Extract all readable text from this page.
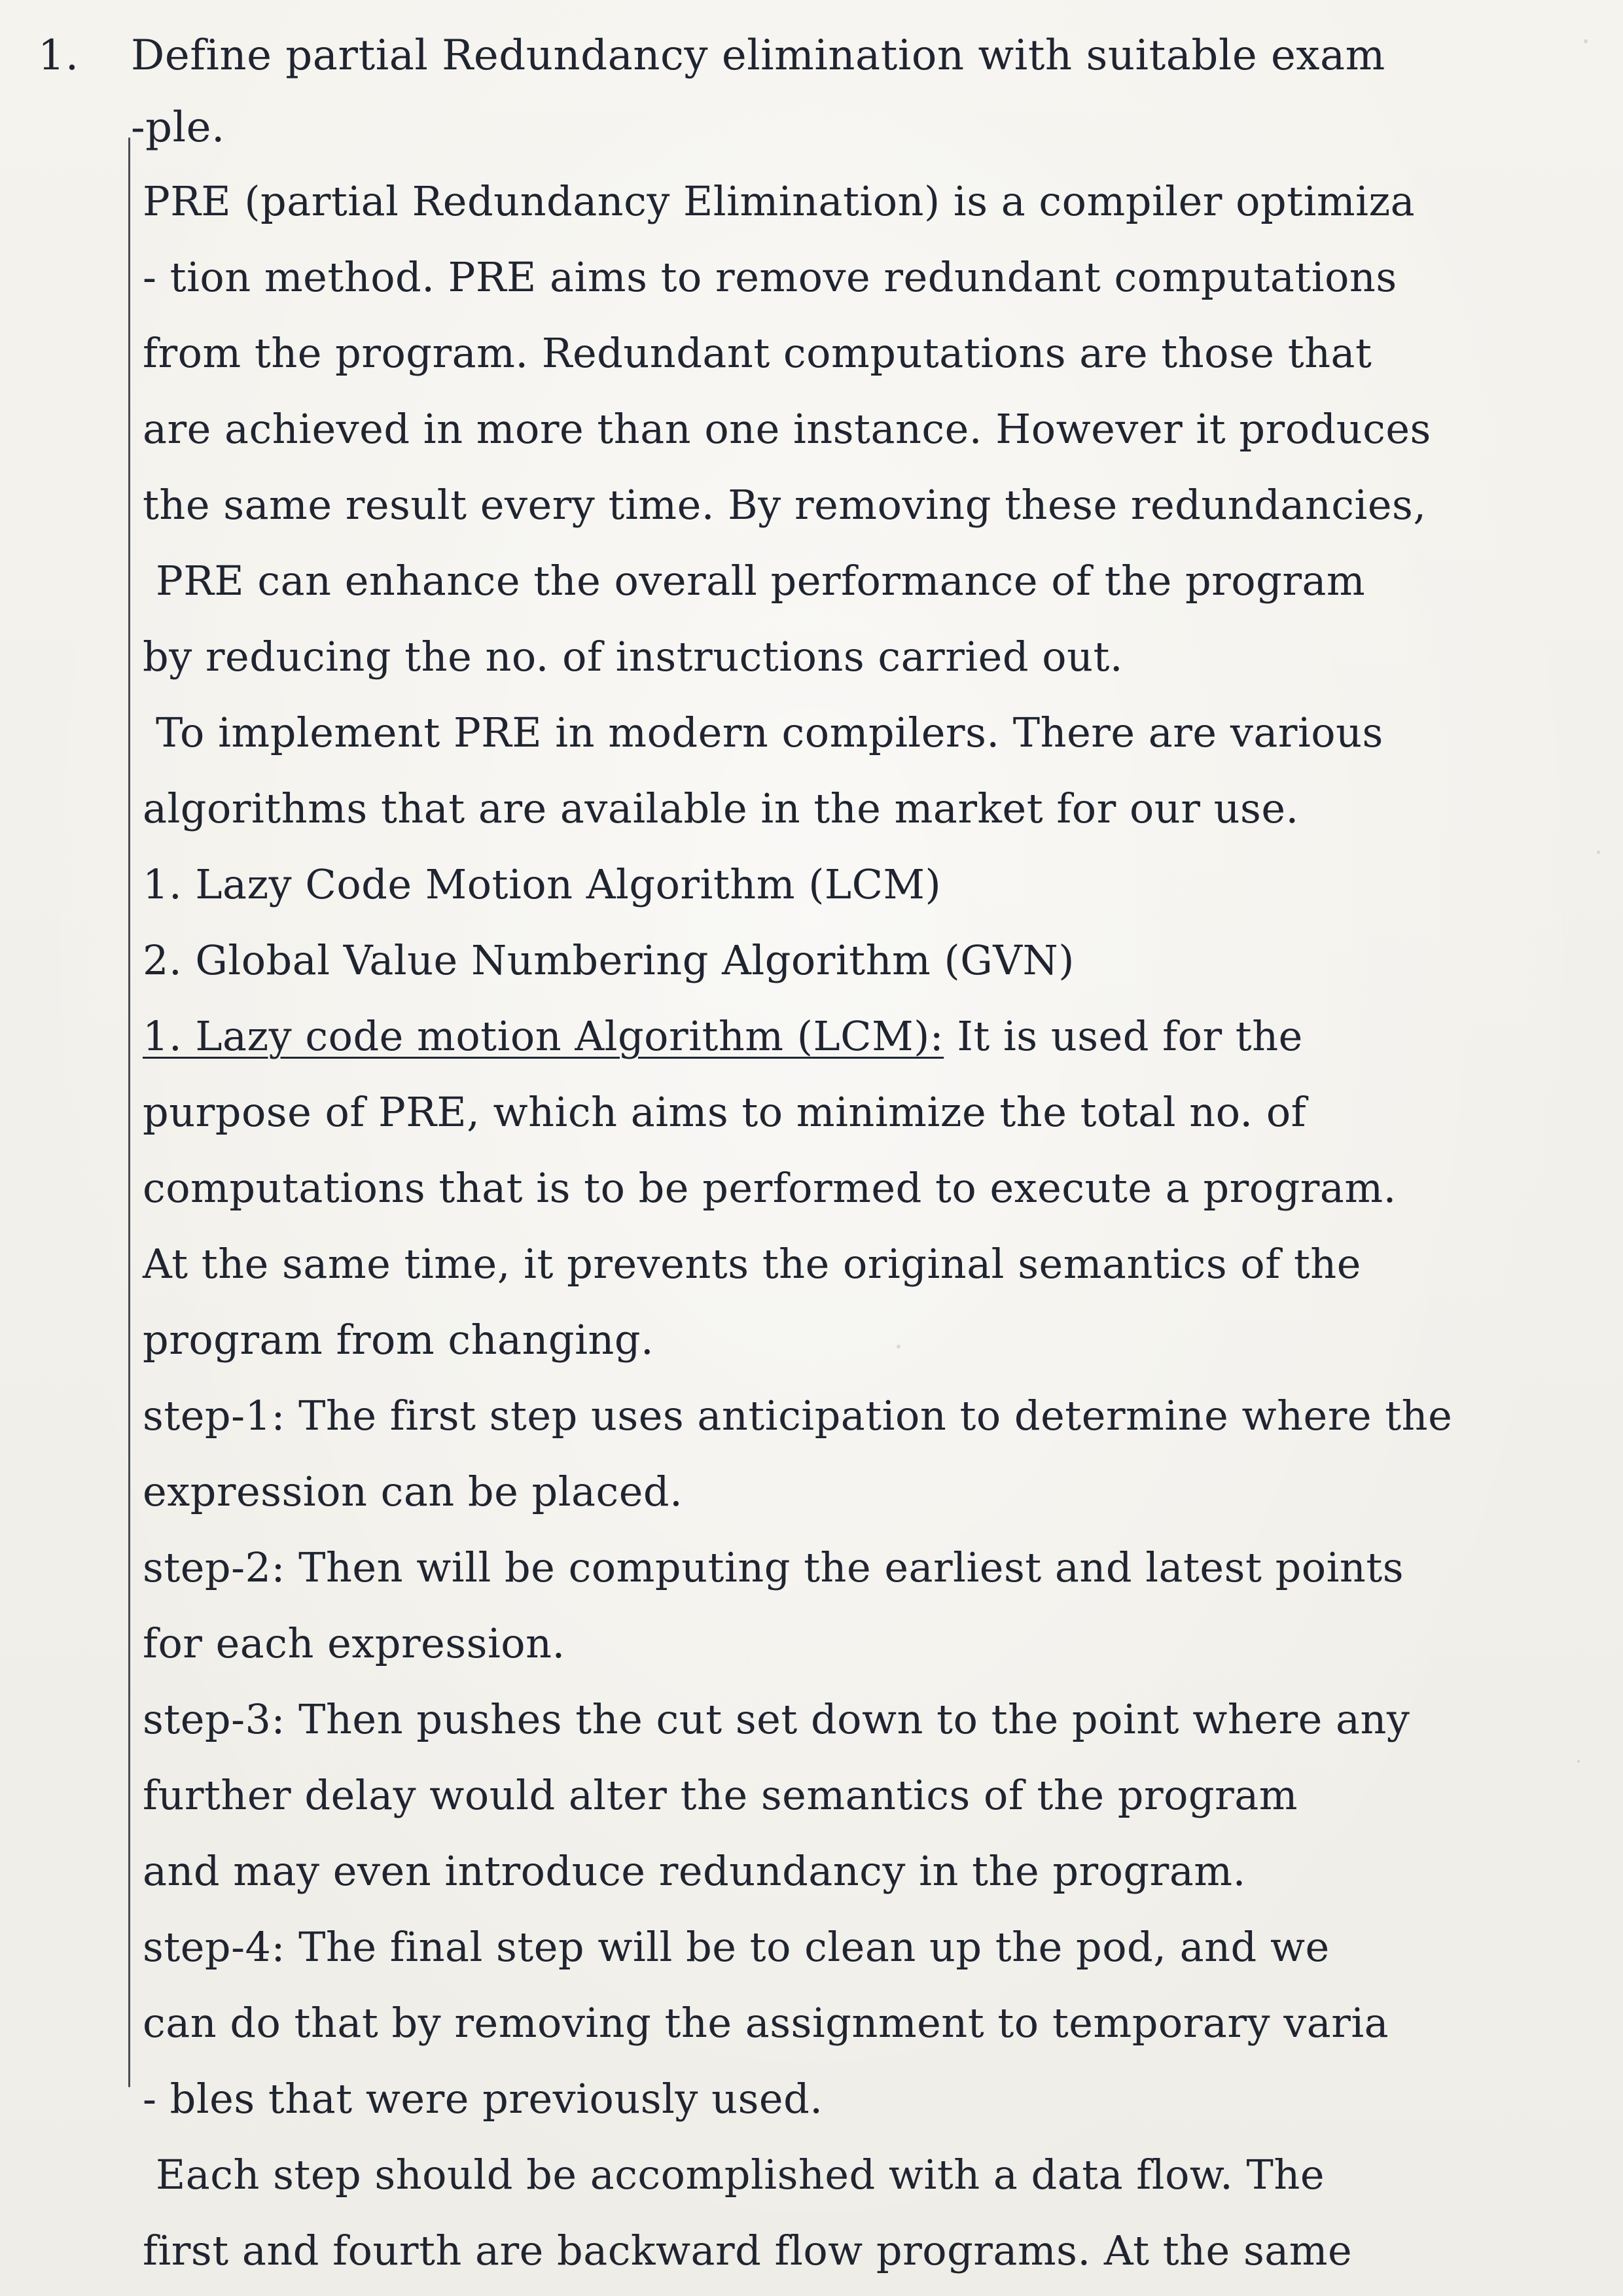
1. Define partial Redundancy elimination with suitable exam
-ple.
PRE (partial Redundancy Elimination) is a compiler optimiza
- tion method. PRE aims to remove redundant computations
from the program. Redundant computations are those that
are achieved in more than one instance. However it produces
the same result every time. By removing these redundancies,
PRE can enhance the overall performance of the program
by reducing the no. of instructions carried out.
To implement PRE in modern compilers. There are various
algorithms that are available in the market for our use.
1. Lazy Code Motion Algorithm (LCM)
2. Global Value Numbering Algorithm (GVN)
1. Lazy code motion Algorithm (LCM): It is used for the
purpose of PRE, which aims to minimize the total no. of
computations that is to be performed to execute a program.
At the same time, it prevents the original semantics of the
program from changing.
step-1: The first step uses anticipation to determine where the
expression can be placed.
step-2: Then will be computing the earliest and latest points
for each expression.
step-3: Then pushes the cut set down to the point where any
further delay would alter the semantics of the program
and may even introduce redundancy in the program.
step-4: The final step will be to clean up the pod, and we
can do that by removing the assignment to temporary varia
- bles that were previously used.
Each step should be accomplished with a data flow. The
first and fourth are backward flow programs. At the same
